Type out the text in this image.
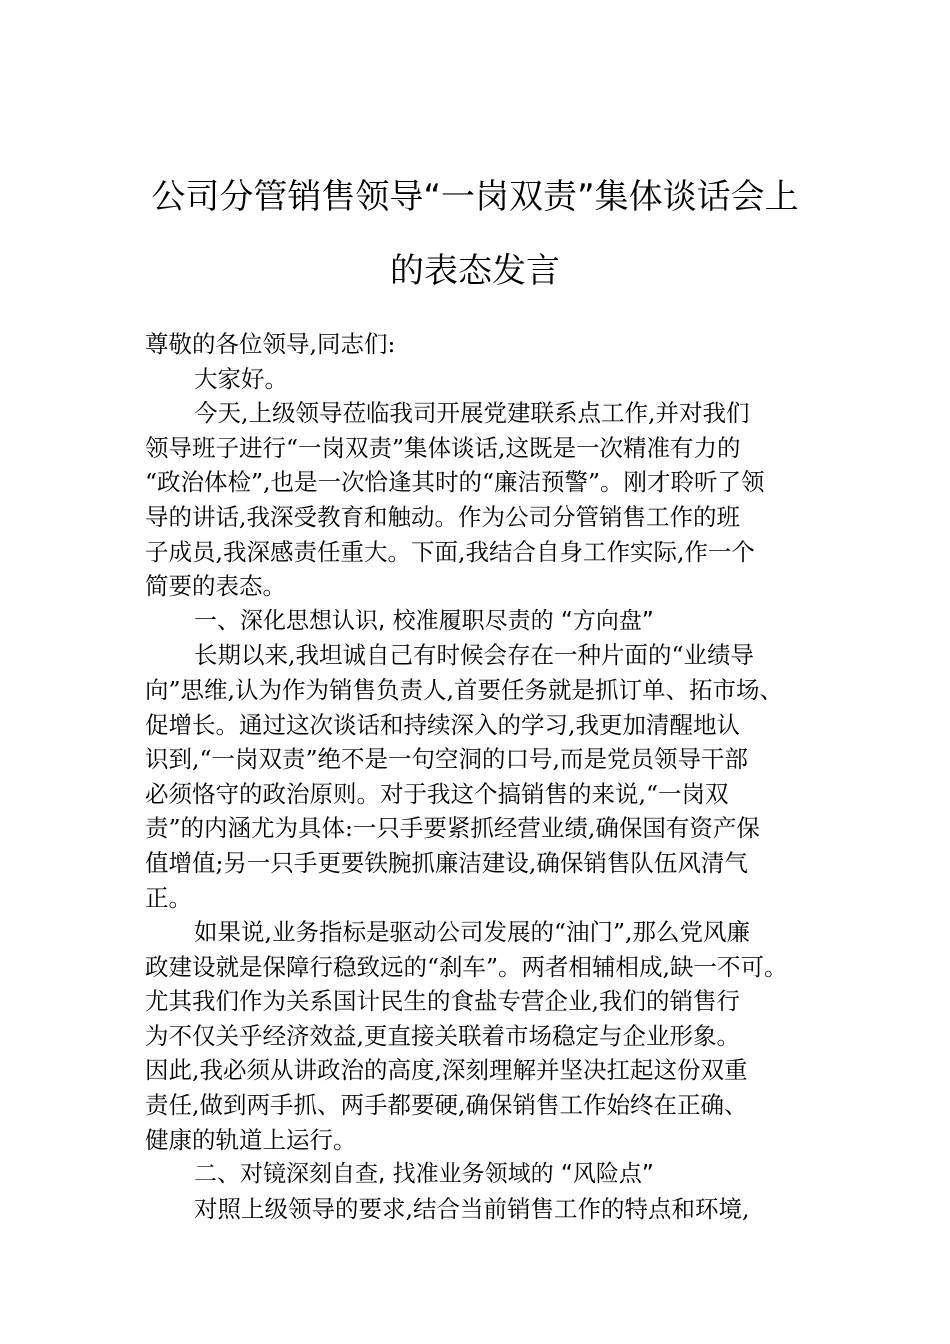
公司分管销售领导“一岗双责”集体谈话会上
的表态发言
尊敬的各位领导,同志们:
大家好。
今天,上级领导莅临我司开展党建联系点工作,并对我们
领导班子进行“一岗双责”集体谈话,这既是一次精准有力的
“政治体检”,也是一次恰逢其时的“廉洁预警”。刚才聆听了领
导的讲话,我深受教育和触动。作为公司分管销售工作的班
子成员,我深感责任重大。下面,我结合自身工作实际,作一个
简要的表态。
一、深化思想认识, 校准履职尽责的 “方向盘”
长期以来,我坦诚自己有时候会存在一种片面的“业绩导
向”思维,认为作为销售负责人,首要任务就是抓订单、拓市场、
促增长。通过这次谈话和持续深入的学习,我更加清醒地认
识到,“一岗双责”绝不是一句空洞的口号,而是党员领导干部
必须恪守的政治原则。对于我这个搞销售的来说,“一岗双
责”的内涵尤为具体:一只手要紧抓经营业绩,确保国有资产保
值增值;另一只手更要铁腕抓廉洁建设,确保销售队伍风清气
正。
如果说,业务指标是驱动公司发展的“油门”,那么党风廉
政建设就是保障行稳致远的“刹车”。两者相辅相成,缺一不可。
尤其我们作为关系国计民生的食盐专营企业,我们的销售行
为不仅关乎经济效益,更直接关联着市场稳定与企业形象。
因此,我必须从讲政治的高度,深刻理解并坚决扛起这份双重
责任,做到两手抓、两手都要硬,确保销售工作始终在正确、
健康的轨道上运行。
二、对镜深刻自查, 找准业务领域的 “风险点”
对照上级领导的要求,结合当前销售工作的特点和环境,
